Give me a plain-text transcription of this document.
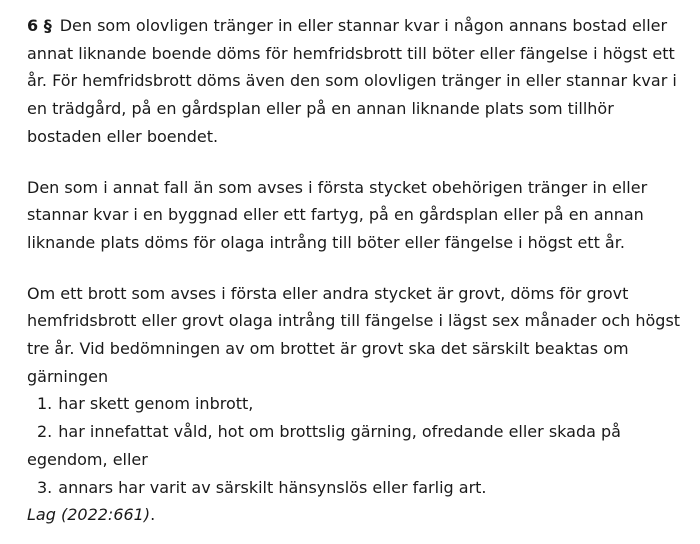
6 § Den som olovligen tränger in eller stannar kvar i någon annans bostad eller annat liknande boende döms för hemfridsbrott till böter eller fängelse i högst ett år. För hemfridsbrott döms även den som olovligen tränger in eller stannar kvar i en trädgård, på en gårdsplan eller på en annan liknande plats som tillhör bostaden eller boendet.

Den som i annat fall än som avses i första stycket obehörigen tränger in eller stannar kvar i en byggnad eller ett fartyg, på en gårdsplan eller på en annan liknande plats döms för olaga intrång till böter eller fängelse i högst ett år.

Om ett brott som avses i första eller andra stycket är grovt, döms för grovt hemfridsbrott eller grovt olaga intrång till fängelse i lägst sex månader och högst tre år. Vid bedömningen av om brottet är grovt ska det särskilt beaktas om gärningen

1. har skett genom inbrott,
2. har innefattat våld, hot om brottslig gärning, ofredande eller skada på egendom, eller
3. annars har varit av särskilt hänsynslös eller farlig art.
Lag (2022:661).
